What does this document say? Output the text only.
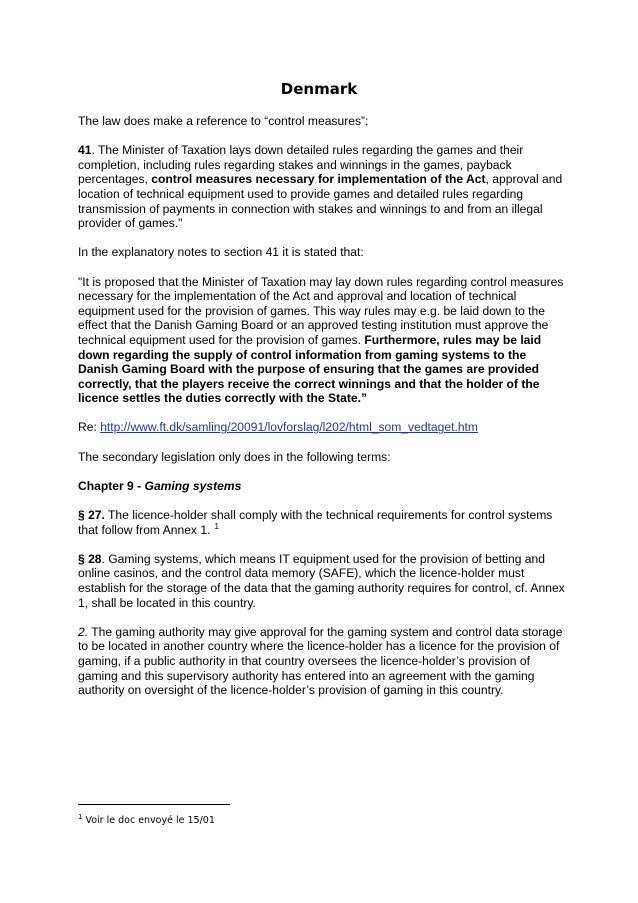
Denmark

The law does make a reference to “control measures”:

41. The Minister of Taxation lays down detailed rules regarding the games and their completion, including rules regarding stakes and winnings in the games, payback percentages, control measures necessary for implementation of the Act, approval and location of technical equipment used to provide games and detailed rules regarding transmission of payments in connection with stakes and winnings to and from an illegal provider of games."

In the explanatory notes to section 41 it is stated that:

"It is proposed that the Minister of Taxation may lay down rules regarding control measures necessary for the implementation of the Act and approval and location of technical equipment used for the provision of games. This way rules may e.g. be laid down to the effect that the Danish Gaming Board or an approved testing institution must approve the technical equipment used for the provision of games. Furthermore, rules may be laid down regarding the supply of control information from gaming systems to the Danish Gaming Board with the purpose of ensuring that the games are provided correctly, that the players receive the correct winnings and that the holder of the licence settles the duties correctly with the State.”

Re: http://www.ft.dk/samling/20091/lovforslag/l202/html_som_vedtaget.htm

The secondary legislation only does in the following terms:

Chapter 9 - Gaming systems

§ 27. The licence-holder shall comply with the technical requirements for control systems that follow from Annex 1. $^1$

§ 28. Gaming systems, which means IT equipment used for the provision of betting and online casinos, and the control data memory (SAFE), which the licence-holder must establish for the storage of the data that the gaming authority requires for control, cf. Annex 1, shall be located in this country.

2. The gaming authority may give approval for the gaming system and control data storage to be located in another country where the licence-holder has a licence for the provision of gaming, if a public authority in that country oversees the licence-holder’s provision of gaming and this supervisory authority has entered into an agreement with the gaming authority on oversight of the licence-holder’s provision of gaming in this country.

$^1$ Voir le doc envoyé le 15/01
